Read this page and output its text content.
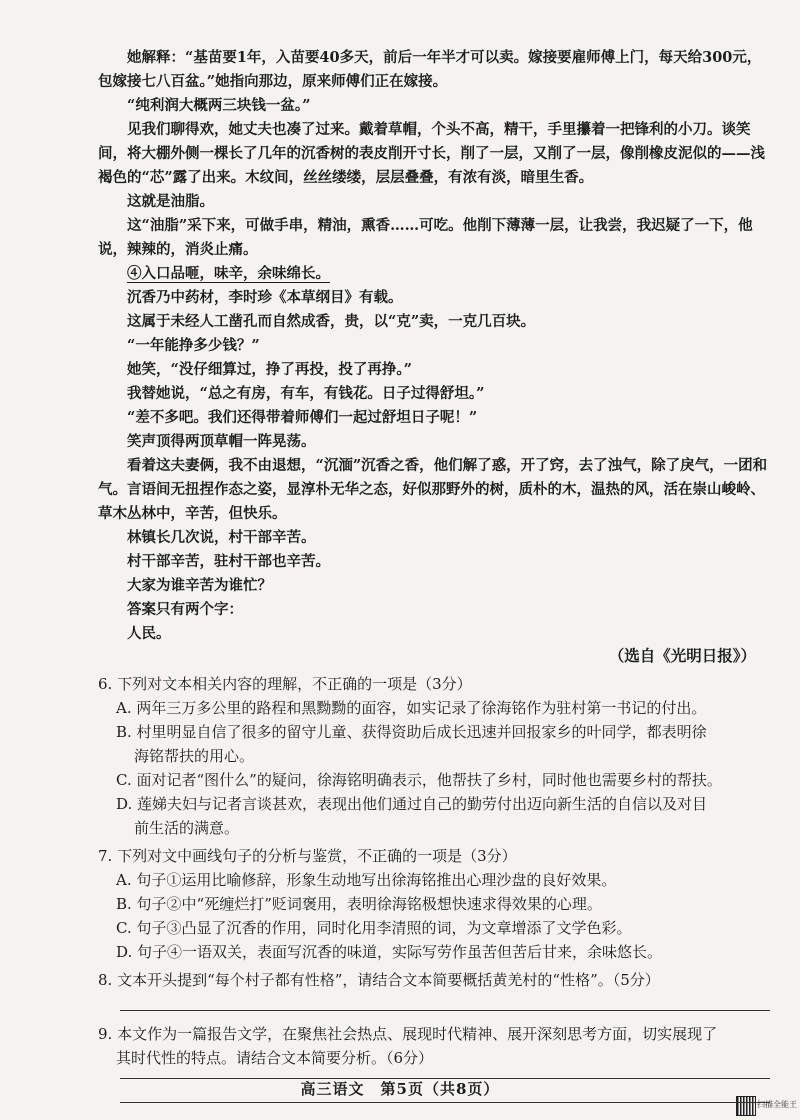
她解释：“基苗要1年，入苗要40多天，前后一年半才可以卖。嫁接要雇师傅上门，每天给300元，包嫁接七八百盆。”她指向那边，原来师傅们正在嫁接。

“纯利润大概两三块钱一盆。”

见我们聊得欢，她丈夫也凑了过来。戴着草帽，个头不高，精干，手里攥着一把锋利的小刀。谈笑间，将大棚外侧一棵长了几年的沉香树的表皮削开寸长，削了一层，又削了一层，像削橡皮泥似的——浅褐色的“芯”露了出来。木纹间，丝丝缕缕，层层叠叠，有浓有淡，暗里生香。

这就是油脂。

这“油脂”采下来，可做手串，精油，熏香……可吃。他削下薄薄一层，让我尝，我迟疑了一下，他说，辣辣的，消炎止痛。

④入口品咂，味辛，余味绵长。

沉香乃中药材，李时珍《本草纲目》有载。

这属于未经人工凿孔而自然成香，贵，以“克”卖，一克几百块。

“一年能挣多少钱？”

她笑，“没仔细算过，挣了再投，投了再挣。”

我替她说，“总之有房，有车，有钱花。日子过得舒坦。”

“差不多吧。我们还得带着师傅们一起过舒坦日子呢！”

笑声顶得两顶草帽一阵晃荡。

看着这夫妻俩，我不由退想，“沉湎”沉香之香，他们解了惑，开了窍，去了浊气，除了戾气，一团和气。言语间无扭捏作态之姿，显淳朴无华之态，好似那野外的树，质朴的木，温热的风，活在崇山峻岭、草木丛林中，辛苦，但快乐。

林镇长几次说，村干部辛苦。

村干部辛苦，驻村干部也辛苦。

大家为谁辛苦为谁忙？

答案只有两个字：

人民。

（选自《光明日报》）
6. 下列对文本相关内容的理解，不正确的一项是（3分）
A. 两年三万多公里的路程和黑黝黝的面容，如实记录了徐海铭作为驻村第一书记的付出。
B. 村里明显自信了很多的留守儿童、获得资助后成长迅速并回报家乡的叶同学，都表明徐
海铭帮扶的用心。
C. 面对记者“图什么”的疑问，徐海铭明确表示，他帮扶了乡村，同时他也需要乡村的帮扶。
D. 莲娣夫妇与记者言谈甚欢，表现出他们通过自己的勤劳付出迈向新生活的自信以及对目
前生活的满意。
7. 下列对文中画线句子的分析与鉴赏，不正确的一项是（3分）
A. 句子①运用比喻修辞，形象生动地写出徐海铭推出心理沙盘的良好效果。
B. 句子②中“死缠烂打”贬词褒用，表明徐海铭极想快速求得效果的心理。
C. 句子③凸显了沉香的作用，同时化用李清照的词，为文章增添了文学色彩。
D. 句子④一语双关，表面写沉香的味道，实际写劳作虽苦但苦后甘来，余味悠长。
8. 文本开头提到“每个村子都有性格”，请结合文本简要概括黄羌村的“性格”。（5分）
高三语文　第5页（共8页）
扫描全能王
9. 本文作为一篇报告文学，在聚焦社会热点、展现时代精神、展开深刻思考方面，切实展现了
其时代性的特点。请结合文本简要分析。（6分）
